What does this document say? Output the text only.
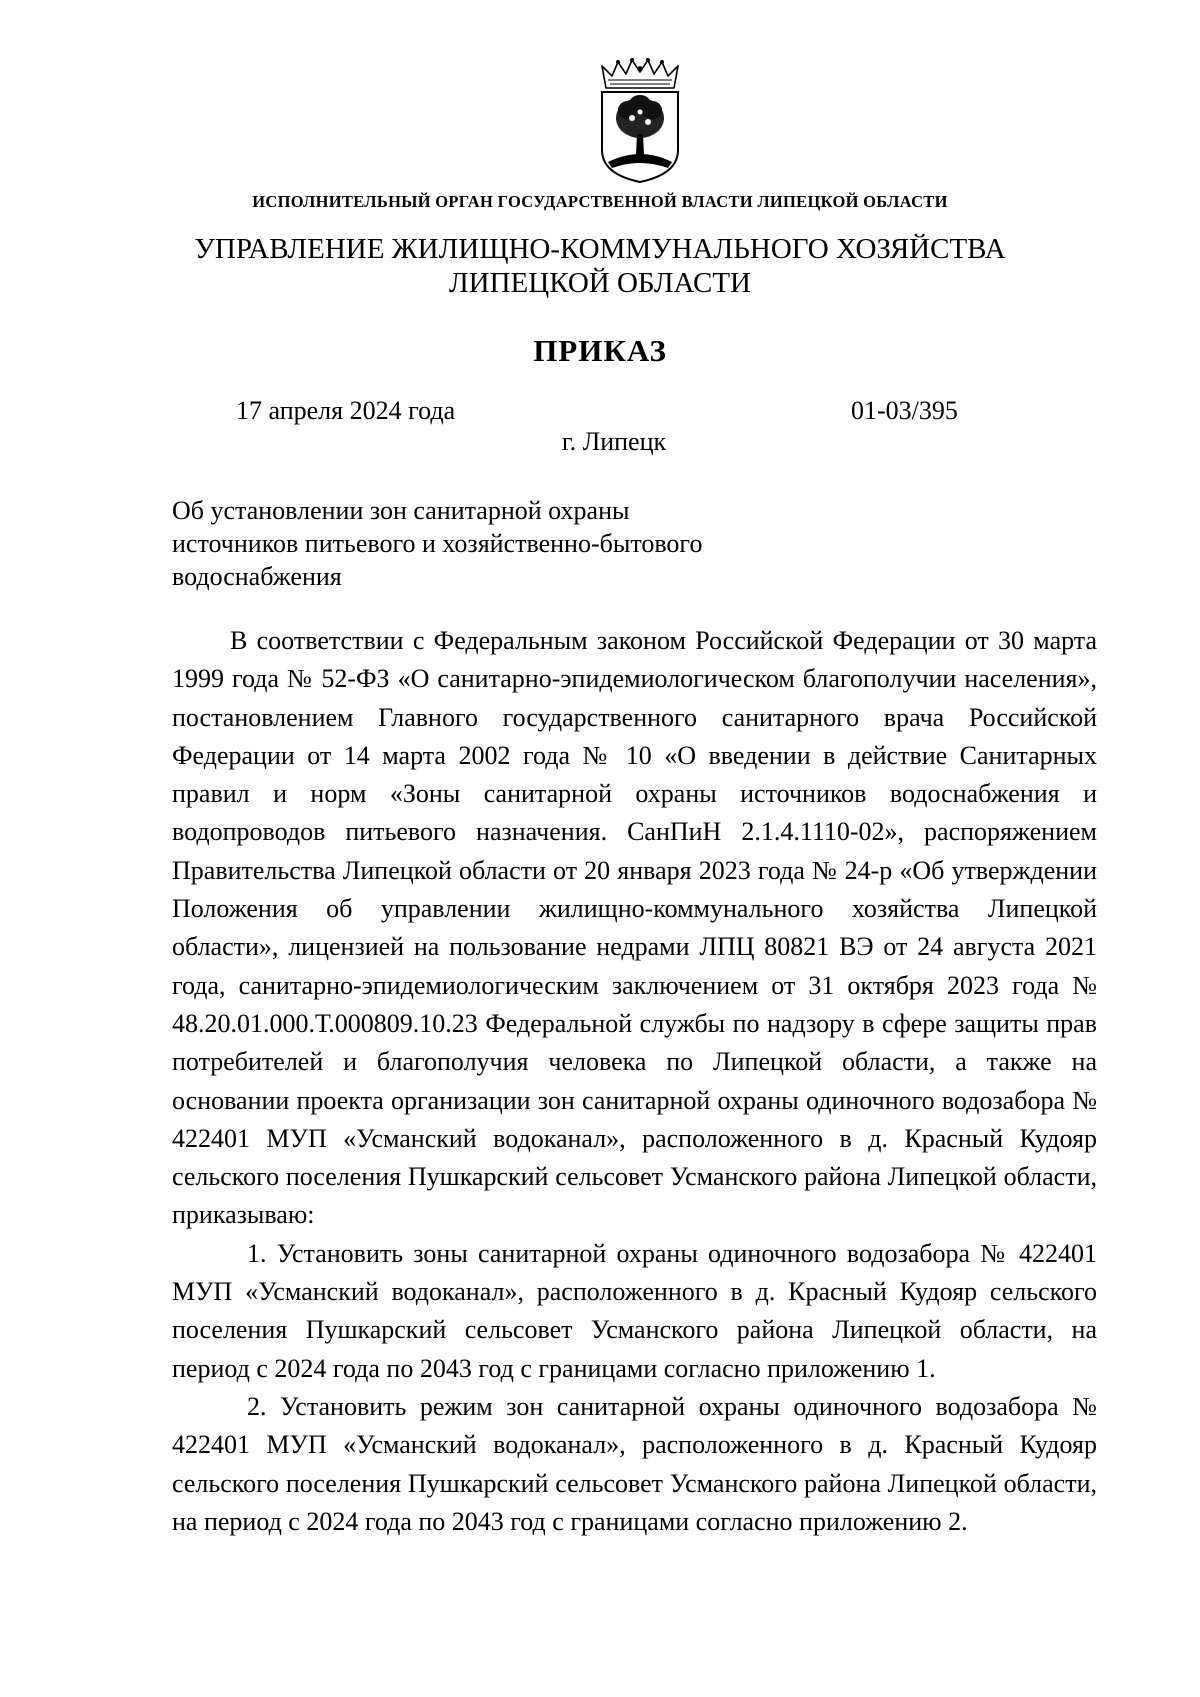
ИСПОЛНИТЕЛЬНЫЙ ОРГАН ГОСУДАРСТВЕННОЙ ВЛАСТИ ЛИПЕЦКОЙ ОБЛАСТИ
УПРАВЛЕНИЕ ЖИЛИЩНО-КОММУНАЛЬНОГО ХОЗЯЙСТВА
ЛИПЕЦКОЙ ОБЛАСТИ
ПРИКАЗ
17 апреля 2024 года	01-03/395
г. Липецк
Об установлении зон санитарной охраны
источников питьевого и хозяйственно-бытового
водоснабжения

В соответствии с Федеральным законом Российской Федерации от 30 марта 1999 года № 52-ФЗ «О санитарно-эпидемиологическом благополучии населения», постановлением Главного государственного санитарного врача Российской Федерации от 14 марта 2002 года № 10 «О введении в действие Санитарных правил и норм «Зоны санитарной охраны источников водоснабжения и водопроводов питьевого назначения. СанПиН 2.1.4.1110-02», распоряжением Правительства Липецкой области от 20 января 2023 года № 24-р «Об утверждении Положения об управлении жилищно-коммунального хозяйства Липецкой области», лицензией на пользование недрами ЛПЦ 80821 ВЭ от 24 августа 2021 года, санитарно-эпидемиологическим заключением от 31 октября 2023 года № 48.20.01.000.Т.000809.10.23 Федеральной службы по надзору в сфере защиты прав потребителей и благополучия человека по Липецкой области, а также на основании проекта организации зон санитарной охраны одиночного водозабора № 422401 МУП «Усманский водоканал», расположенного в д. Красный Кудояр сельского поселения Пушкарский сельсовет Усманского района Липецкой области, приказываю:

1. Установить зоны санитарной охраны одиночного водозабора № 422401 МУП «Усманский водоканал», расположенного в д. Красный Кудояр сельского поселения Пушкарский сельсовет Усманского района Липецкой области, на период с 2024 года по 2043 год с границами согласно приложению 1.

2. Установить режим зон санитарной охраны одиночного водозабора № 422401 МУП «Усманский водоканал», расположенного в д. Красный Кудояр сельского поселения Пушкарский сельсовет Усманского района Липецкой области, на период с 2024 года по 2043 год с границами согласно приложению 2.
